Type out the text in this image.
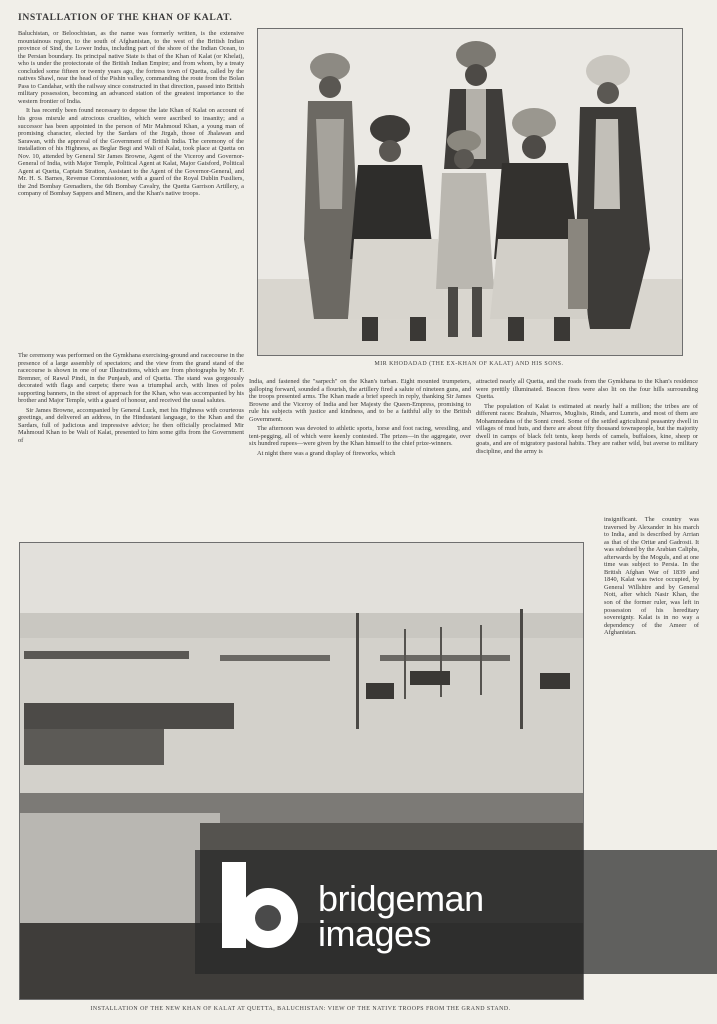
INSTALLATION OF THE KHAN OF KALAT.

Baluchistan, or Beloochistan, as the name was formerly written, is the extensive mountainous region, to the south of Afghanistan, to the west of the British Indian province of Sind, the Lower Indus, including part of the shore of the Indian Ocean, to the Persian boundary. Its principal native State is that of the Khan of Kalat (or Khelat), who is under the protectorate of the British Indian Empire; and from whom, by a treaty concluded some fifteen or twenty years ago, the fortress town of Quetta, called by the natives Shawl, near the head of the Pishin valley, commanding the route from the Bolan Pass to Candahar, with the railway since constructed in that direction, passed into British military possession, becoming an advanced station of the greatest importance to the western frontier of India.

It has recently been found necessary to depose the late Khan of Kalat on account of his gross misrule and atrocious cruelties, which were ascribed to insanity; and a successor has been appointed in the person of Mir Mahmoud Khan, a young man of promising character, elected by the Sardars of the Jirgah, those of Jhalawan and Sarawan, with the approval of the Government of British India. The ceremony of the installation of his Highness, as Beglar Begi and Wali of Kalat, took place at Quetta on Nov. 10, attended by General Sir James Browne, Agent of the Viceroy and Governor-General of India, with Major Temple, Political Agent at Kalat, Major Gaisford, Political Agent at Quetta, Captain Stratton, Assistant to the Agent of the Governor-General, and Mr. H. S. Barnes, Revenue Commissioner, with a guard of the Royal Dublin Fusiliers, the 2nd Bombay Grenadiers, the 6th Bombay Cavalry, the Quetta Garrison Artillery, a company of Bombay Sappers and Miners, and the Khan's native troops.

The ceremony was performed on the Gymkhana exercising-ground and racecourse in the presence of a large assembly of spectators; and the view from the grand stand of the racecourse is shown in one of our Illustrations, which are from photographs by Mr. F. Bremner, of Rawul Pindi, in the Punjaub, and of Quetta. The stand was gorgeously decorated with flags and carpets; there was a triumphal arch, with lines of poles supporting banners, in the street of approach for the Khan, who was accompanied by his brother and Major Temple, with a guard of honour, and received the usual salutes.

Sir James Browne, accompanied by General Luck, met his Highness with courteous greetings, and delivered an address, in the Hindustani language, to the Khan and the Sardars, full of judicious and impressive advice; he then officially proclaimed Mir Mahmoud Khan to be Wali of Kalat, presented to him some gifts from the Government of

India, and fastened the "sarpech" on the Khan's turban. Eight mounted trumpeters, galloping forward, sounded a flourish, the artillery fired a salute of nineteen guns, and the troops presented arms. The Khan made a brief speech in reply, thanking Sir James Browne and the Viceroy of India and her Majesty the Queen-Empress, promising to rule his subjects with justice and kindness, and to be a faithful ally to the British Government.

The afternoon was devoted to athletic sports, horse and foot racing, wrestling, and tent-pegging, all of which were keenly contested. The prizes—in the aggregate, over six hundred rupees—were given by the Khan himself to the chief prize-winners.

At night there was a grand display of fireworks, which

attracted nearly all Quetta, and the roads from the Gymkhana to the Khan's residence were prettily illuminated. Beacon fires were also lit on the four hills surrounding Quetta.

The population of Kalat is estimated at nearly half a million; the tribes are of different races: Brahuis, Nharros, Muglisis, Rinds, and Lumris, and most of them are Mohammedans of the Sonni creed. Some of the settled agricultural peasantry dwell in villages of mud huts, and there are about fifty thousand townspeople, but the majority dwell in camps of black felt tents, keep herds of camels, buffaloes, kine, sheep or goats, and are of migratory pastoral habits. They are rather wild, but averse to military discipline, and the army is

insignificant. The country was traversed by Alexander in his march to India, and is described by Arrian as that of the Oritæ and Gadrosii. It was subdued by the Arabian Caliphs, afterwards by the Moguls, and at one time was subject to Persia. In the British Afghan War of 1839 and 1840, Kalat was twice occupied, by General Willshire and by General Nott, after which Nasir Khan, the son of the former ruler, was left in possession of his hereditary sovereignty. Kalat is in no way a dependency of the Ameer of Afghanistan.

MIR KHODADAD (THE EX-KHAN OF KALAT) AND HIS SONS.
INSTALLATION OF THE NEW KHAN OF KALAT AT QUETTA, BALUCHISTAN: VIEW OF THE NATIVE TROOPS FROM THE GRAND STAND.
bridgeman
images
